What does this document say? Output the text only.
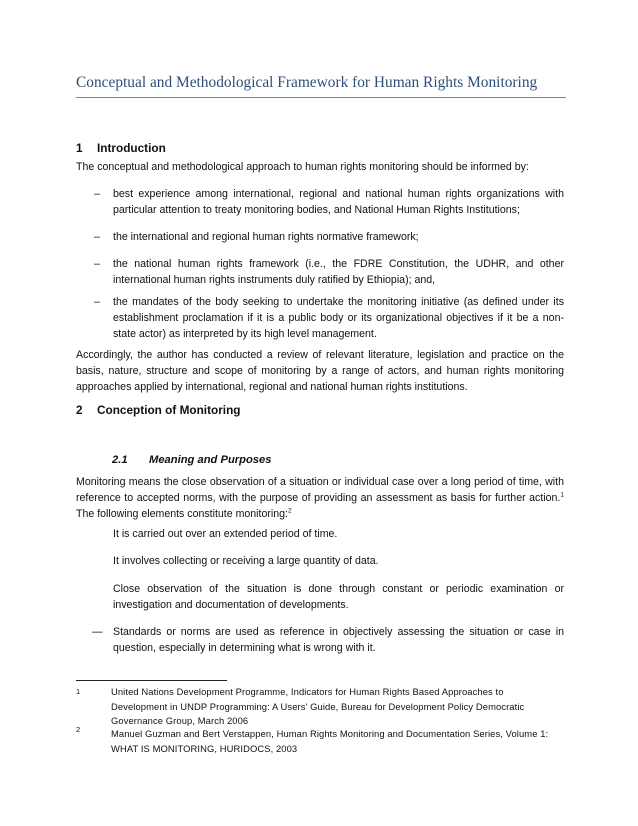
Conceptual and Methodological Framework for Human Rights Monitoring
1 Introduction
The conceptual and methodological approach to human rights monitoring should be informed by:
– best experience among international, regional and national human rights organizations with particular attention to treaty monitoring bodies, and National Human Rights Institutions;
– the international and regional human rights normative framework;
– the national human rights framework (i.e., the FDRE Constitution, the UDHR, and other international human rights instruments duly ratified by Ethiopia); and,
– the mandates of the body seeking to undertake the monitoring initiative (as defined under its establishment proclamation if it is a public body or its organizational objectives if it be a non-state actor) as interpreted by its high level management.
Accordingly, the author has conducted a review of relevant literature, legislation and practice on the basis, nature, structure and scope of monitoring by a range of actors, and human rights monitoring approaches applied by international, regional and national human rights institutions.
2 Conception of Monitoring
2.1 Meaning and Purposes
Monitoring means the close observation of a situation or individual case over a long period of time, with reference to accepted norms, with the purpose of providing an assessment as basis for further action.$^1$ The following elements constitute monitoring:$^2$
It is carried out over an extended period of time.
It involves collecting or receiving a large quantity of data.
Close observation of the situation is done through constant or periodic examination or investigation and documentation of developments.
— Standards or norms are used as reference in objectively assessing the situation or case in question, especially in determining what is wrong with it.
1	United Nations Development Programme, Indicators for Human Rights Based Approaches to Development in UNDP Programming: A Users' Guide, Bureau for Development Policy Democratic Governance Group, March 2006
2	Manuel Guzman and Bert Verstappen, Human Rights Monitoring and Documentation Series, Volume 1: WHAT IS MONITORING, HURIDOCS, 2003
